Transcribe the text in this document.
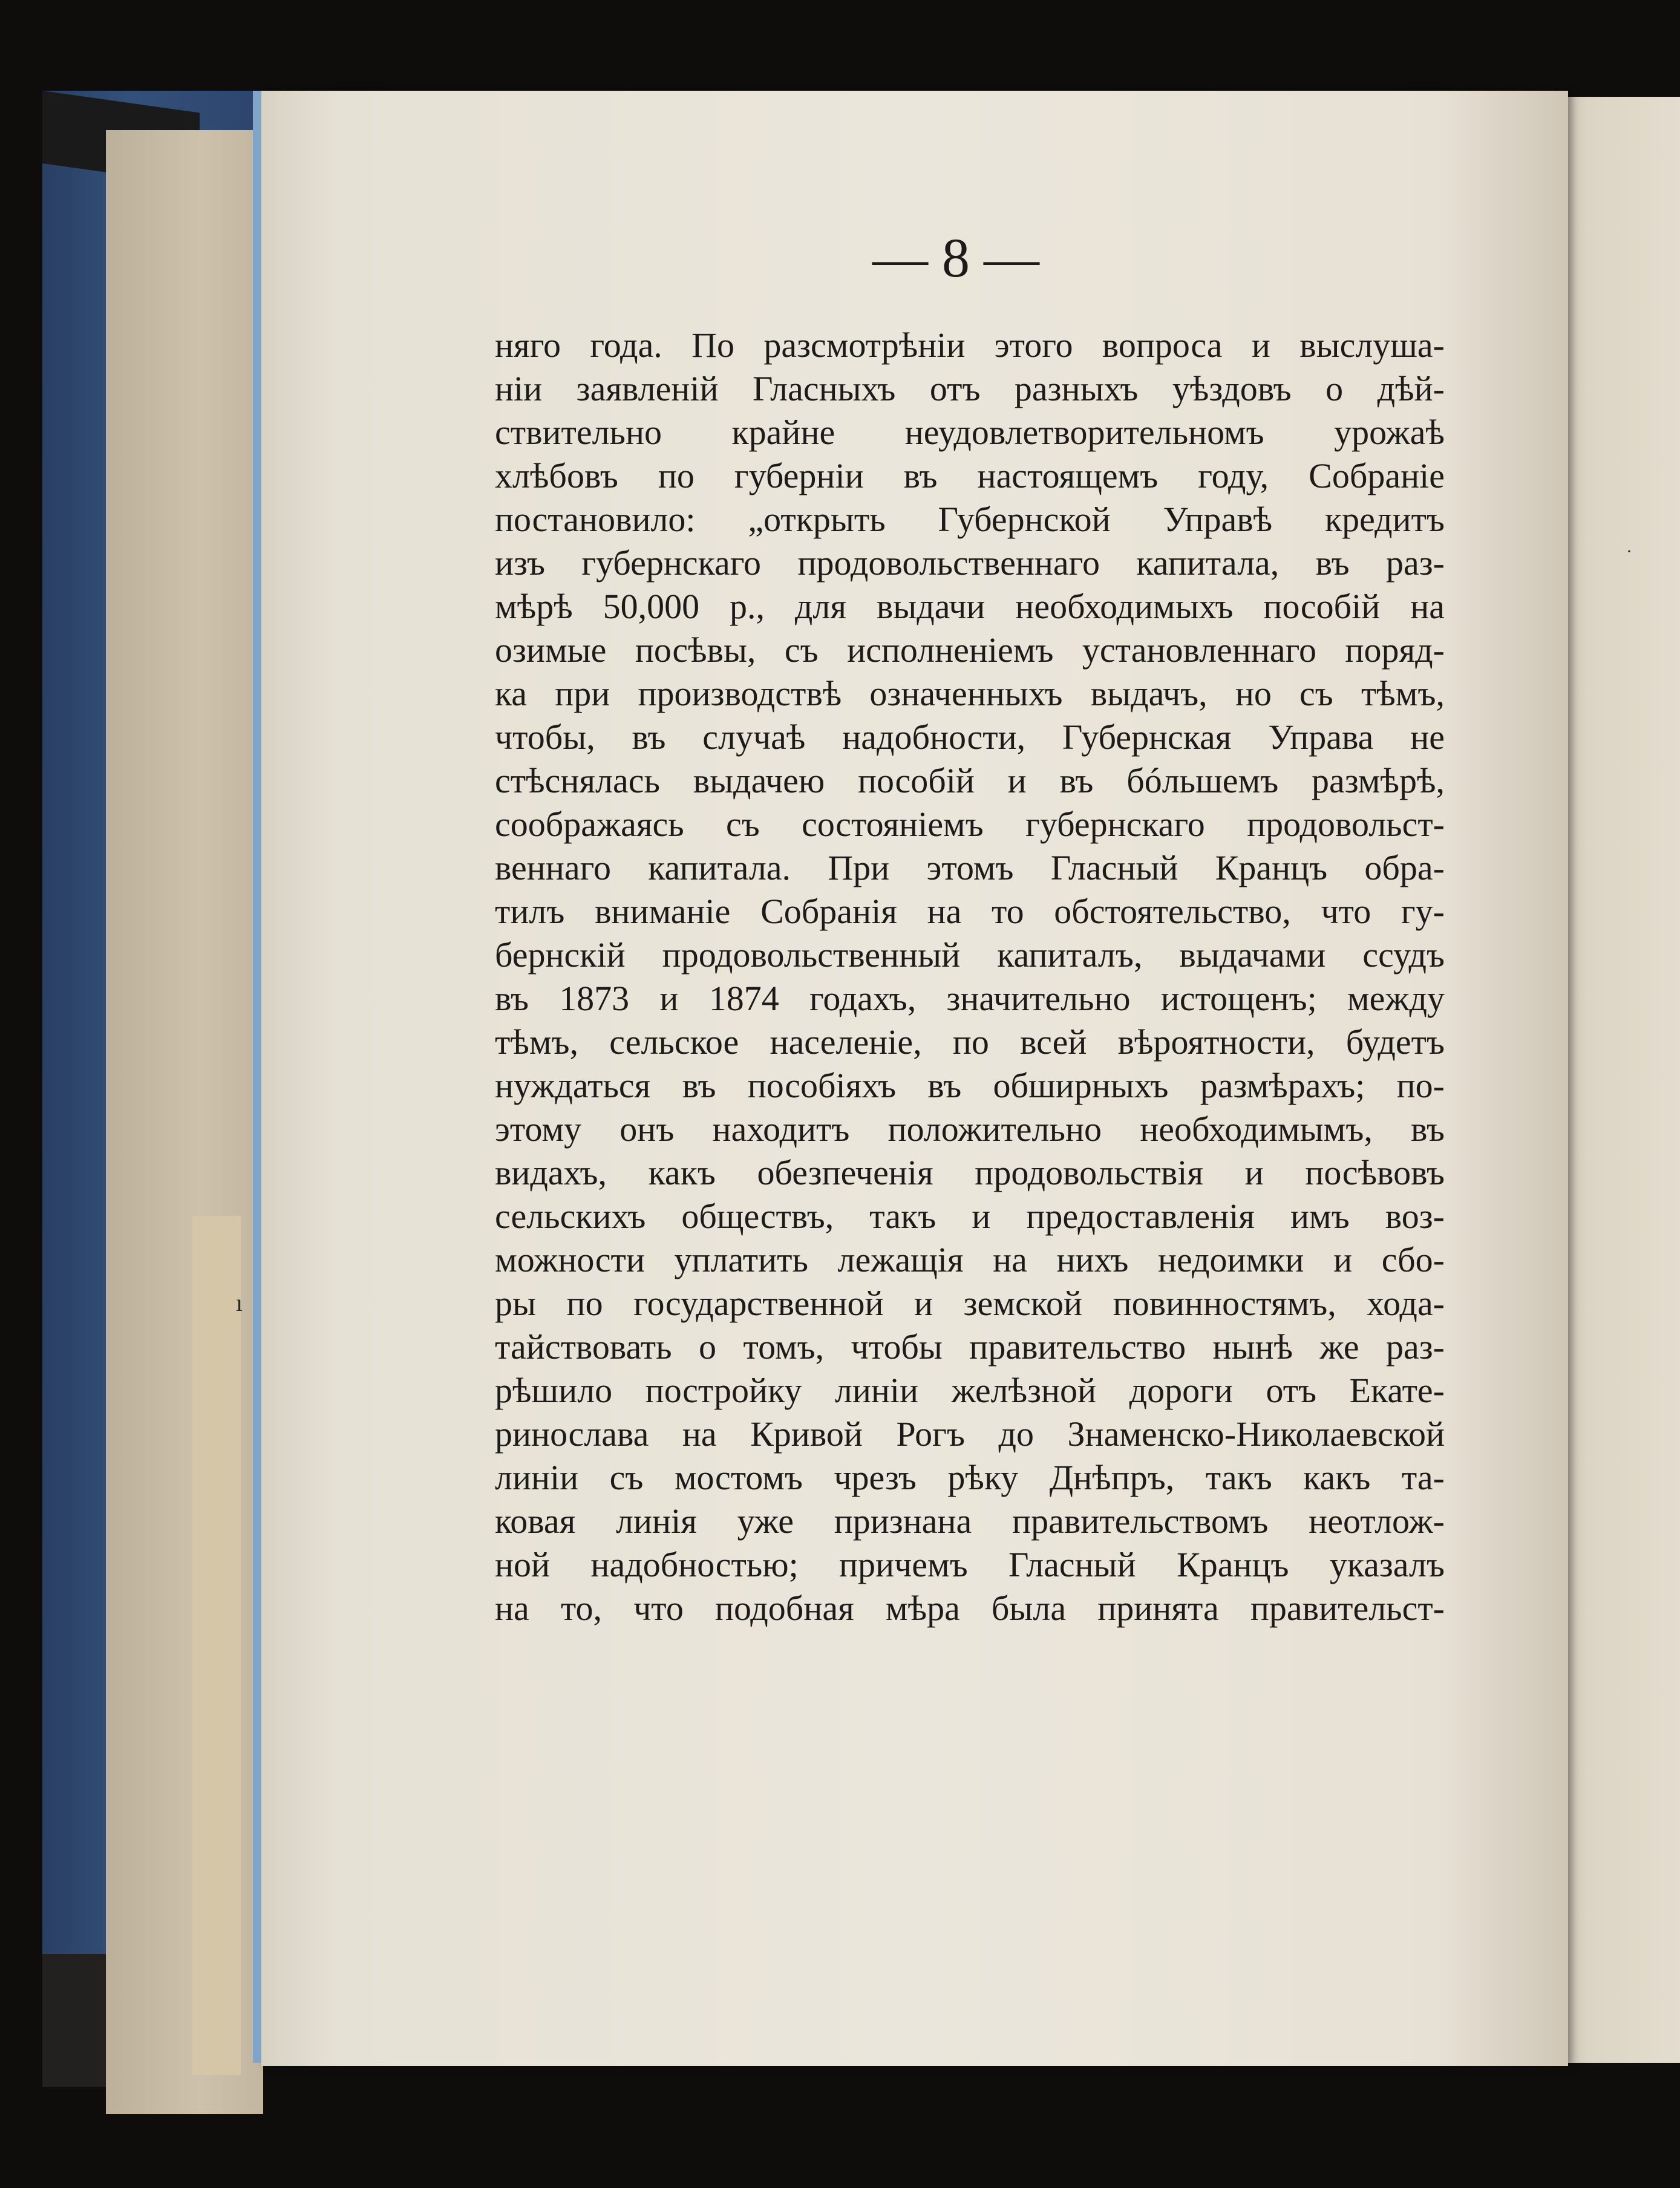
ı
·
— 8 —
няго года. По разсмотрѣніи этого вопроса и выслуша-
ніи заявленій Гласныхъ отъ разныхъ уѣздовъ о дѣй-
ствительно крайне неудовлетворительномъ урожаѣ
хлѣбовъ по губерніи въ настоящемъ году, Собраніе
постановило: „открыть Губернской Управѣ кредитъ
изъ губернскаго продовольственнаго капитала, въ раз-
мѣрѣ 50,000 р., для выдачи необходимыхъ пособій на
озимые посѣвы, съ исполненіемъ установленнаго поряд-
ка при производствѣ означенныхъ выдачъ, но съ тѣмъ,
чтобы, въ случаѣ надобности, Губернская Управа не
стѣснялась выдачею пособій и въ бóльшемъ размѣрѣ,
соображаясь съ состояніемъ губернскаго продовольст-
веннаго капитала. При этомъ Гласный Кранцъ обра-
тилъ вниманіе Собранія на то обстоятельство, что гу-
бернскій продовольственный капиталъ, выдачами ссудъ
въ 1873 и 1874 годахъ, значительно истощенъ; между
тѣмъ, сельское населеніе, по всей вѣроятности, будетъ
нуждаться въ пособіяхъ въ обширныхъ размѣрахъ; по-
этому онъ находитъ положительно необходимымъ, въ
видахъ, какъ обезпеченія продовольствія и посѣвовъ
сельскихъ обществъ, такъ и предоставленія имъ воз-
можности уплатить лежащія на нихъ недоимки и сбо-
ры по государственной и земской повинностямъ, хода-
тайствовать о томъ, чтобы правительство нынѣ же раз-
рѣшило постройку линіи желѣзной дороги отъ Екате-
ринослава на Кривой Рогъ до Знаменско-Николаевской
линіи съ мостомъ чрезъ рѣку Днѣпръ, такъ какъ та-
ковая линія уже признана правительствомъ неотлож-
ной надобностью; причемъ Гласный Кранцъ указалъ
на то, что подобная мѣра была принята правительст-
